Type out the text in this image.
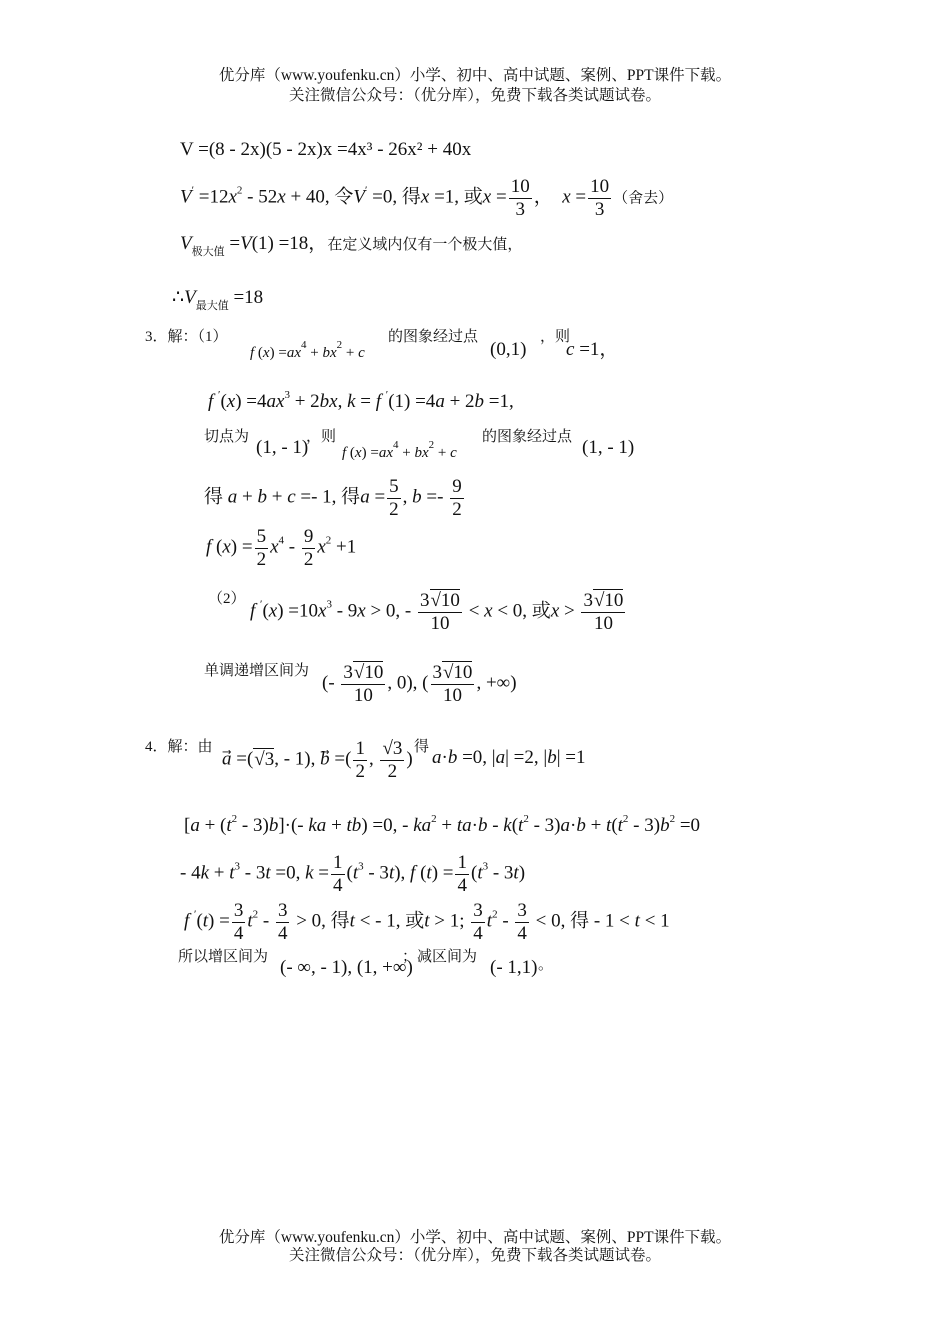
优分库（www.youfenku.cn）小学、初中、高中试题、案例、PPT课件下载。
关注微信公众号：（优分库），免费下载各类试题试卷。
V =(8 - 2x)(5 - 2x)x =4x³ - 26x² + 40x
$V' =12x^2 - 52x + 40$, 令V′ =0, 得x =1, 或$x = \frac{10}{3}$ ，  $x = \frac{10}{3}$ （舍去）
$V_{极大值} =V(1) =18$，在定义域内仅有一个极大值，
$\therefore V_{最大值} =18$
3．解：（1）
f $(x) =ax^4 + bx^2 + c$
的图象经过点
(0,1)
，则
c =1，
f $'(x) =4ax^3 + 2bx$, k = f ′(1) =4a + 2b =1,
切点为 (1, - 1)
，则
f $(x) =ax^4 + bx^2 + c$
的图象经过点 (1, - 1)
得 a + b + c =- 1, 得$a = \frac{5}{2}$ , $b =- \frac{9}{2}$
f $(x) = \frac{5}{2} x^4 - \frac{9}{2} x^2 +1$
（2）
f $'(x) =10x^3 - 9x > 0$, - $\frac{3√10}{10} < x < 0$, 或$x > \frac{3√10}{10}$
单调递增区间为
(- $\frac{3√10}{10}$ , 0), ( $\frac{3√10}{10}$ , +∞)
4．解：由
a⃗ =(√3, - 1), b⃗ =( $\frac{1}{2}$ , $\frac{√3}{2}$ )
得 a·b =0, |a| =2, |b| =1
$[a + (t^2 - 3)b]\cdot(-$ ka + tb) =0, - $ka^2 + ta\cdot b - k(t^2 - 3)a\cdot b + t(t^2 - 3)b^2 =0$
- $4k + t^3 - 3t =0$, $k = \frac{1}{4} (t^3 - 3t)$, f $(t) = \frac{1}{4} (t^3 - 3t)$
f $'(t) = \frac{3}{4} t^2 - \frac{3}{4} > 0$, 得t < - 1, 或t > 1; $\frac{3}{4} t^2 - \frac{3}{4} < 0$, 得 - 1 < t < 1
所以增区间为 (- ∞, - 1), (1, +∞)
；减区间为 (- 1,1) 。
优分库（www.youfenku.cn）小学、初中、高中试题、案例、PPT课件下载。
关注微信公众号：（优分库），免费下载各类试题试卷。
